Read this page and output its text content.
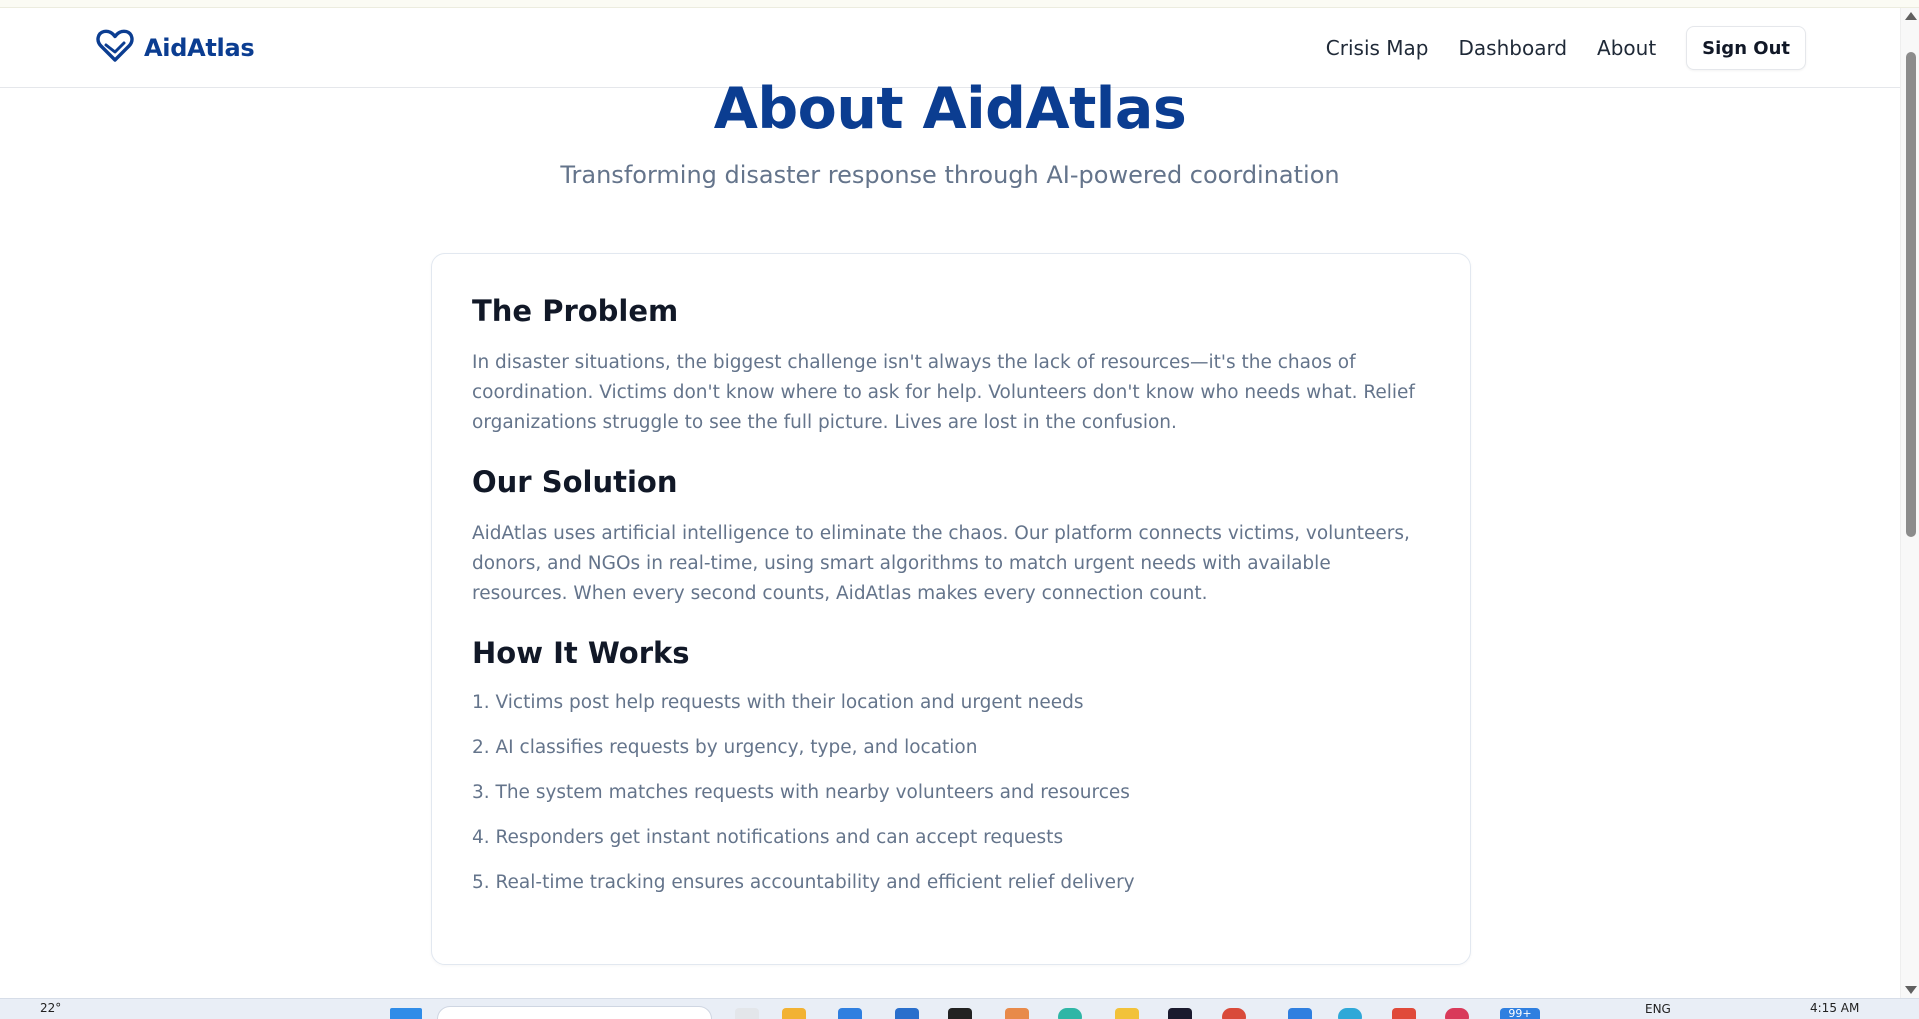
AidAtlas	Crisis Map Dashboard About	Sign Out
About AidAtlas

Transforming disaster response through AI-powered coordination

The Problem

In disaster situations, the biggest challenge isn't always the lack of resources—it's the chaos of coordination. Victims don't know where to ask for help. Volunteers don't know who needs what. Relief organizations struggle to see the full picture. Lives are lost in the confusion.

Our Solution

AidAtlas uses artificial intelligence to eliminate the chaos. Our platform connects victims, volunteers, donors, and NGOs in real-time, using smart algorithms to match urgent needs with available resources. When every second counts, AidAtlas makes every connection count.

How It Works
1. Victims post help requests with their location and urgent needs
2. AI classifies requests by urgency, type, and location
3. The system matches requests with nearby volunteers and resources
4. Responders get instant notifications and can accept requests
5. Real-time tracking ensures accountability and efficient relief delivery
22°	99+	ENG	4:15 AM
